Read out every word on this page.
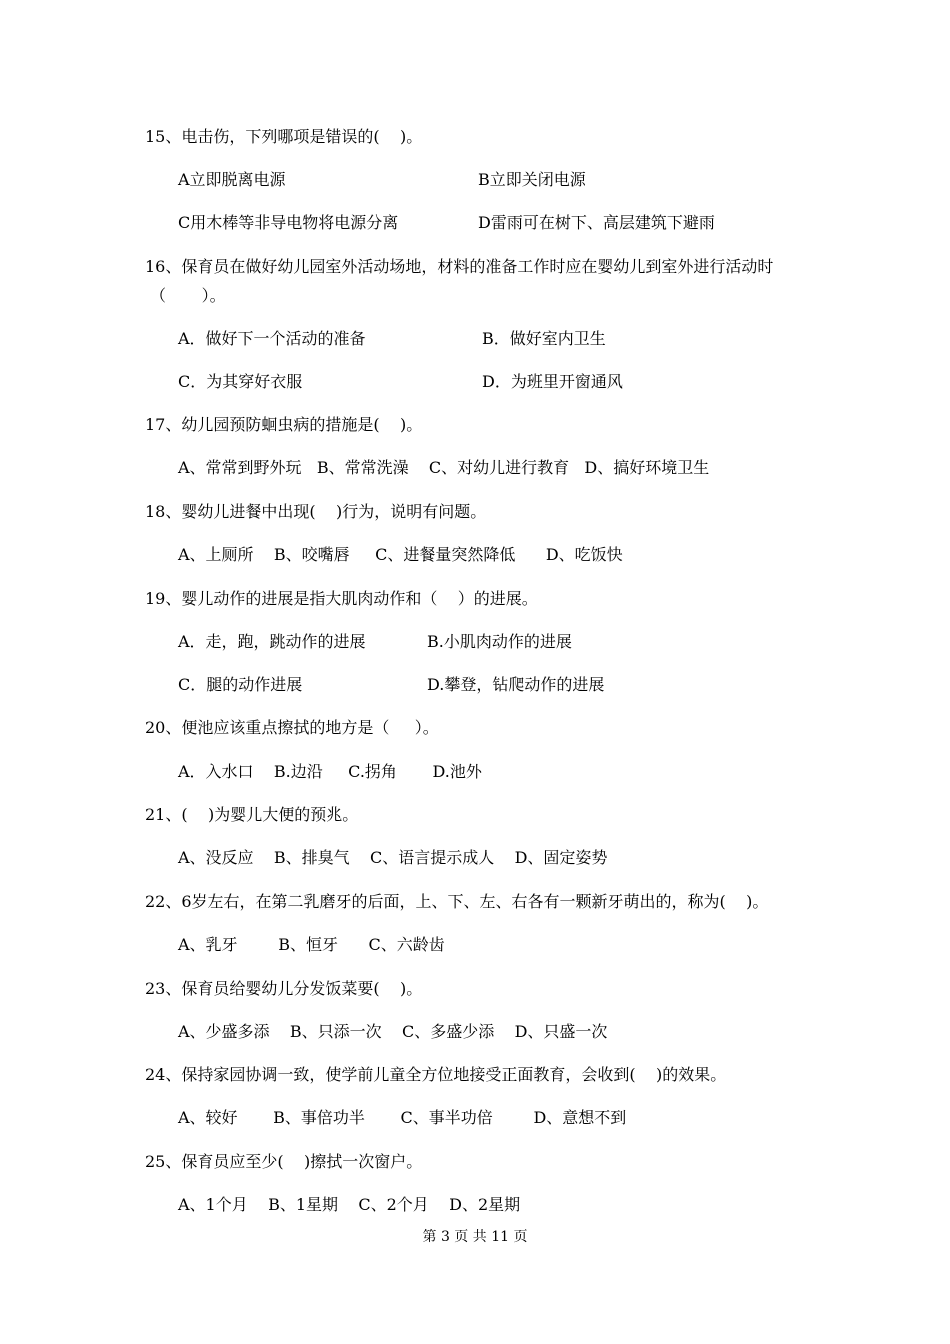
15、电击伤，下列哪项是错误的(    )。
A立即脱离电源	B立即关闭电源
C用木棒等非导电物将电源分离	D雷雨可在树下、高层建筑下避雨
16、保育员在做好幼儿园室外活动场地，材料的准备工作时应在婴幼儿到室外进行活动时
（       ）。
A．做好下一个活动的准备	B．做好室内卫生
C．为其穿好衣服	D．为班里开窗通风
17、幼儿园预防蛔虫病的措施是(    )。
A、常常到野外玩   B、常常洗澡    C、对幼儿进行教育   D、搞好环境卫生
18、婴幼儿进餐中出现(    )行为，说明有问题。
A、上厕所    B、咬嘴唇     C、进餐量突然降低      D、吃饭快
19、婴儿动作的进展是指大肌肉动作和（    ）的进展。
A．走，跑，跳动作的进展	B.小肌肉动作的进展
C．腿的动作进展	D.攀登，钻爬动作的进展
20、便池应该重点擦拭的地方是（     ）。
A．入水口    B.边沿     C.拐角       D.池外
21、(    )为婴儿大便的预兆。
A、没反应    B、排臭气    C、语言提示成人    D、固定姿势
22、6岁左右，在第二乳磨牙的后面，上、下、左、右各有一颗新牙萌出的，称为(    )。
A、乳牙        B、恒牙      C、六龄齿
23、保育员给婴幼儿分发饭菜要(    )。
A、少盛多添    B、只添一次    C、多盛少添    D、只盛一次
24、保持家园协调一致，使学前儿童全方位地接受正面教育，会收到(    )的效果。
A、较好       B、事倍功半       C、事半功倍        D、意想不到
25、保育员应至少(    )擦拭一次窗户。
A、1个月    B、1星期    C、2个月    D、2星期
第 3 页 共 11 页
